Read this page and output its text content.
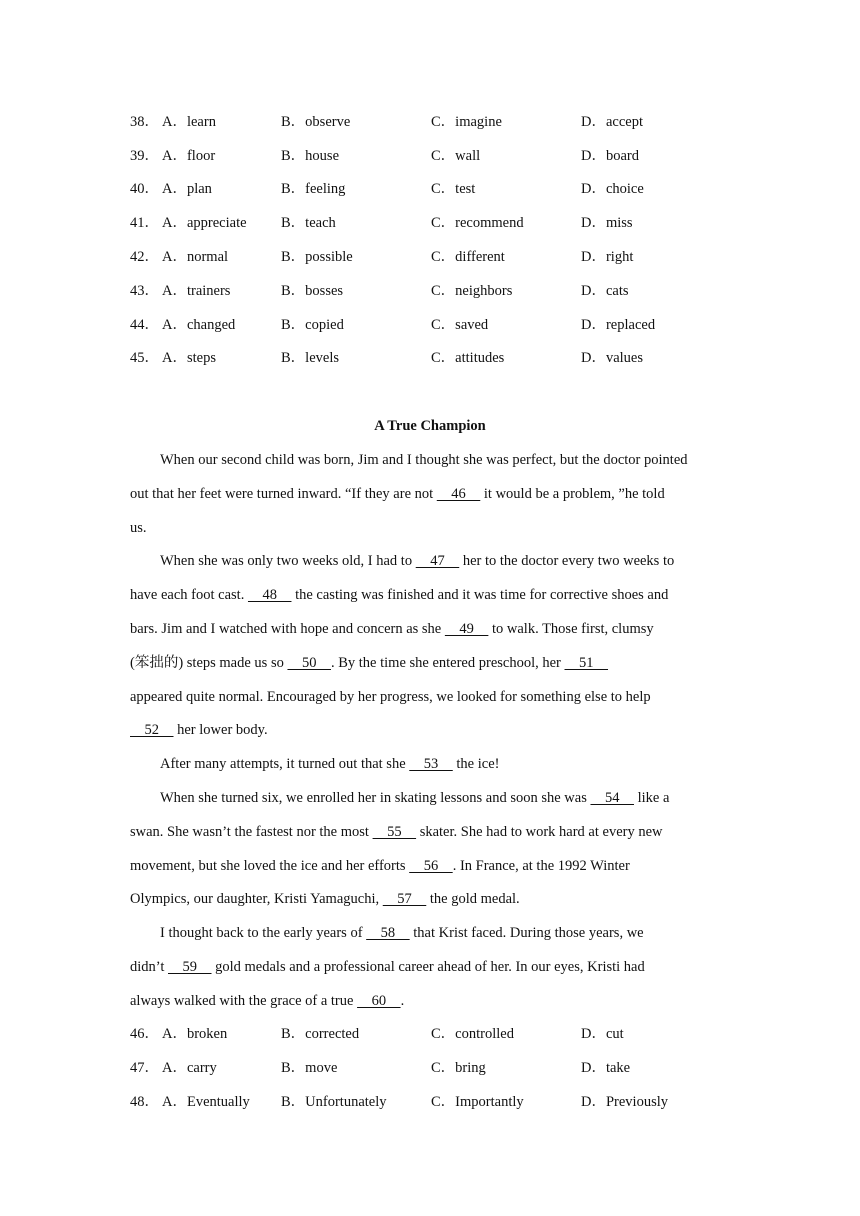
38． A．learn	B．observe	C．imagine	D．accept
39． A．floor	B．house	C．wall	D．board
40． A．plan	B．feeling	C．test	D．choice
41． A．appreciate B．teach	C．recommend	D．miss
42． A．normal	B．possible	C．different	D．right
43． A．trainers	B．bosses	C．neighbors	D．cats
44． A．changed	B．copied	C．saved	D．replaced
45． A．steps	B．levels	C．attitudes	D．values
A True Champion
When our second child was born, Jim and I thought she was perfect, but the doctor pointed
out that her feet were turned inward. “If they are not     46     it would be a problem, ”he told
us.
When she was only two weeks old, I had to     47     her to the doctor every two weeks to
have each foot cast.     48     the casting was finished and it was time for corrective shoes and
bars. Jim and I watched with hope and concern as she     49     to walk. Those first, clumsy
(笨拙的) steps made us so     50    . By the time she entered preschool, her     51
appeared quite normal. Encouraged by her progress, we looked for something else to help
52     her lower body.
After many attempts, it turned out that she     53     the ice!
When she turned six, we enrolled her in skating lessons and soon she was     54     like a
swan. She wasn’t the fastest nor the most     55     skater. She had to work hard at every new
movement, but she loved the ice and her efforts     56    . In France, at the 1992 Winter
Olympics, our daughter, Kristi Yamaguchi,     57     the gold medal.
I thought back to the early years of     58     that Krist faced. During those years, we
didn’t     59     gold medals and a professional career ahead of her. In our eyes, Kristi had
always walked with the grace of a true     60    .
46． A．broken	B．corrected	C．controlled	D．cut
47． A．carry	B．move	C．bring	D．take
48． A．Eventually B．Unfortunately	C．Importantly	D．Previously
